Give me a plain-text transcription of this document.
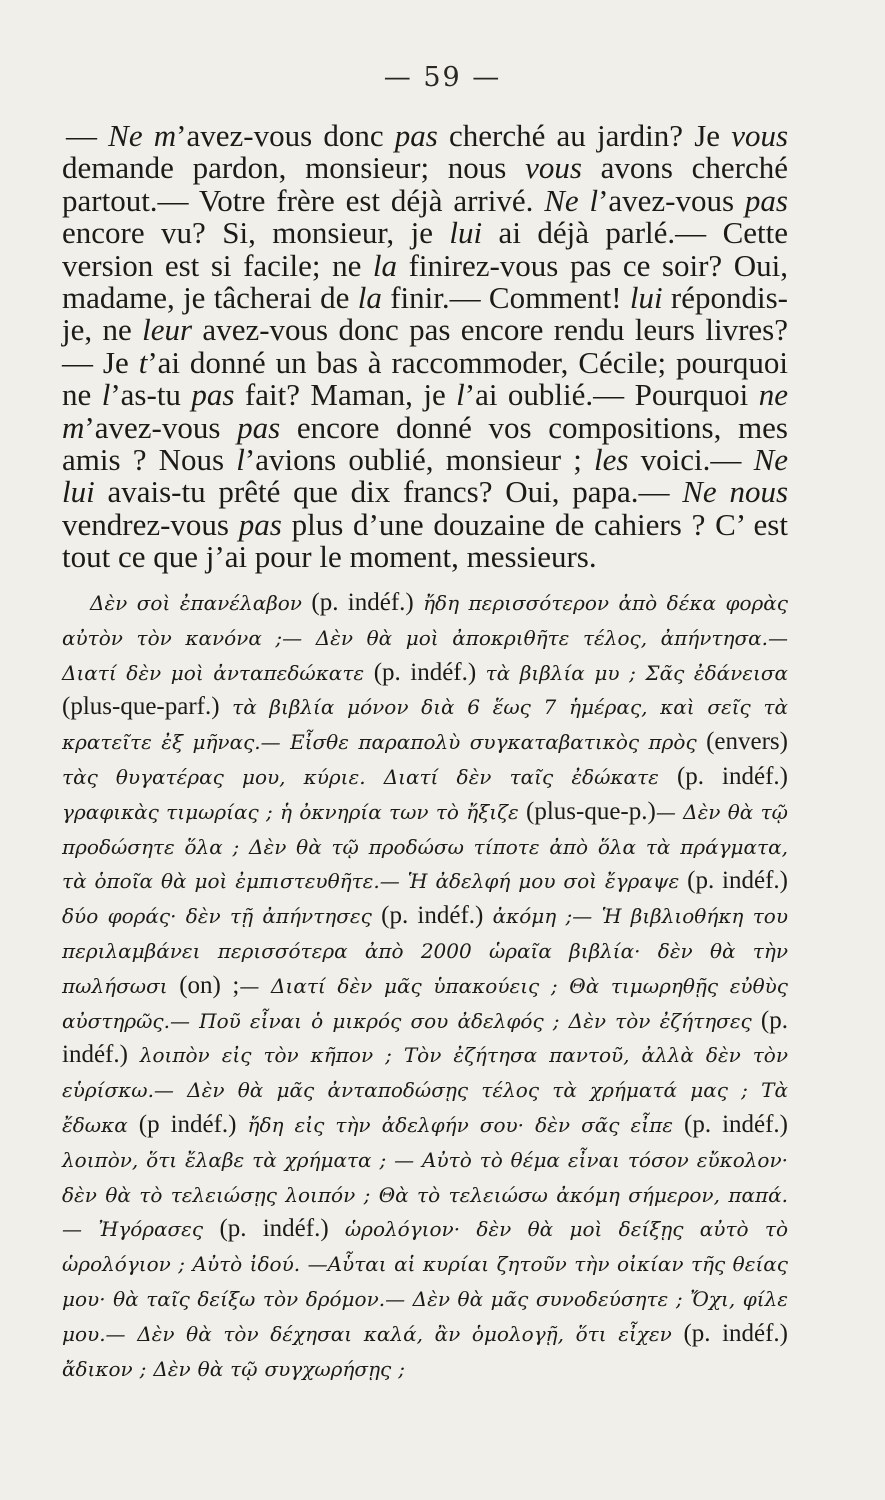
— 59 —

— Ne m’avez-vous donc pas cherché au jardin? Je vous demande pardon, monsieur; nous vous avons cherché partout.— Votre frère est déjà arrivé. Ne l’avez-vous pas encore vu? Si, monsieur, je lui ai déjà parlé.— Cette version est si facile; ne la finirez-vous pas ce soir? Oui, madame, je tâcherai de la finir.— Comment! lui répondis-je, ne leur avez-vous donc pas encore rendu leurs livres?— Je t’ai donné un bas à raccommoder, Cécile; pourquoi ne l’as-tu pas fait? Maman, je l’ai oublié.— Pourquoi ne m’avez-vous pas encore donné vos compositions, mes amis ? Nous l’avions oublié, monsieur ; les voici.— Ne lui avais-tu prêté que dix francs? Oui, papa.— Ne nous vendrez-vous pas plus d’une douzaine de cahiers ? C’ est tout ce que j’ai pour le moment, messieurs.

Δὲν σοὶ ἐπανέλαβον (p. indéf.) ἤδη περισσότερον ἀπὸ δέκα φορὰς αὐτὸν τὸν κανόνα ;— Δὲν θὰ μοὶ ἀποκριθῆτε τέλος, ἀπήντησα.— Διατί δὲν μοὶ ἀνταπεδώκατε (p. indéf.) τὰ βιβλία μυ ; Σᾶς ἐδάνεισα (plus-que-parf.) τὰ βιβλία μόνον διὰ 6 ἕως 7 ἡμέρας, καὶ σεῖς τὰ κρατεῖτε ἐξ μῆνας.— Εἶσθε παραπολὺ συγκαταβατικὸς πρὸς (envers) τὰς θυγατέρας μου, κύριε. Διατί δὲν ταῖς ἐδώκατε (p. indéf.) γραφικὰς τιμωρίας ; ἡ ὀκνηρία των τὸ ἤξιζε (plus-que-p.)— Δὲν θὰ τῷ προδώσητε ὅλα ; Δὲν θὰ τῷ προδώσω τίποτε ἀπὸ ὅλα τὰ πράγματα, τὰ ὁποῖα θὰ μοὶ ἐμπιστευθῆτε.— Ἡ ἀδελφή μου σοὶ ἔγραψε (p. indéf.) δύο φοράς· δὲν τῇ ἀπήντησες (p. indéf.) ἀκόμη ;— Ἡ βιβλιοθήκη του περιλαμβάνει περισσότερα ἀπὸ 2000 ὡραῖα βιβλία· δὲν θὰ τὴν πωλήσωσι (on) ;— Διατί δὲν μᾶς ὑπακούεις ; Θὰ τιμωρηθῇς εὐθὺς αὐστηρῶς.— Ποῦ εἶναι ὁ μικρός σου ἀδελφός ; Δὲν τὸν ἐζήτησες (p. indéf.) λοιπὸν εἰς τὸν κῆπον ; Τὸν ἐζήτησα παντοῦ, ἀλλὰ δὲν τὸν εὑρίσκω.— Δὲν θὰ μᾶς ἀνταποδώσῃς τέλος τὰ χρήματά μας ; Τὰ ἔδωκα (p indéf.) ἤδη εἰς τὴν ἀδελφήν σου· δὲν σᾶς εἶπε (p. indéf.) λοιπὸν, ὅτι ἔλαβε τὰ χρήματα ; — Αὐτὸ τὸ θέμα εἶναι τόσον εὔκολον· δὲν θὰ τὸ τελειώσῃς λοιπόν ; Θὰ τὸ τελειώσω ἀκόμη σήμερον, παπά.— Ἠγόρασες (p. indéf.) ὡρολόγιον· δὲν θὰ μοὶ δείξῃς αὐτὸ τὸ ὡρολόγιον ; Αὐτὸ ἰδού. —Αὗται αἱ κυρίαι ζητοῦν τὴν οἰκίαν τῆς θείας μου· θὰ ταῖς δείξω τὸν δρόμον.— Δὲν θὰ μᾶς συνοδεύσητε ; Ὄχι, φίλε μου.— Δὲν θὰ τὸν δέχησαι καλά, ἂν ὁμολογῇ, ὅτι εἶχεν (p. indéf.) ἄδικον ; Δὲν θὰ τῷ συγχωρήσῃς ;
